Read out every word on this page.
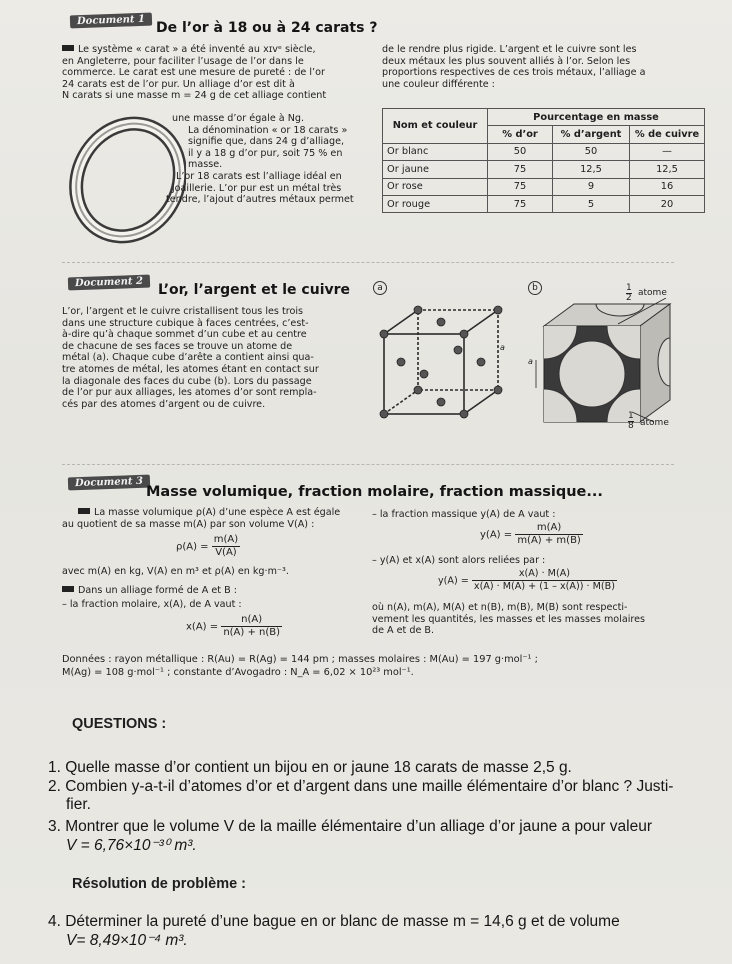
Document 1 De l’or à 18 ou à 24 carats ?
Le système « carat » a été inventé au xɪvᵉ siècle,
en Angleterre, pour faciliter l’usage de l’or dans le
commerce. Le carat est une mesure de pureté : de l’or
24 carats est de l’or pur. Un alliage d’or est dit à
N carats si une masse m = 24 g de cet alliage contient
une masse d’or égale à Ng.
La dénomination « or 18 carats »
signifie que, dans 24 g d’alliage,
il y a 18 g d’or pur, soit 75 % en
masse.
L’or 18 carats est l’alliage idéal en
joaillerie. L’or pur est un métal très
tendre, l’ajout d’autres métaux permet
de le rendre plus rigide. L’argent et le cuivre sont les
deux métaux les plus souvent alliés à l’or. Selon les
proportions respectives de ces trois métaux, l’alliage a
une couleur différente :
Nom et couleur	Pourcentage en masse		
	% d’or	% d’argent	% de cuivre
Or blanc	50	50	—
Or jaune	75	12,5	12,5
Or rose	75	9	16
Or rouge	75	5	20
Document 2	L’or, l’argent et le cuivre
L’or, l’argent et le cuivre cristallisent tous les trois
dans une structure cubique à faces centrées, c’est-
à-dire qu’à chaque sommet d’un cube et au centre
de chacune de ses faces se trouve un atome de
métal (a). Chaque cube d’arête a contient ainsi qua-
tre atomes de métal, les atomes étant en contact sur
la diagonale des faces du cube (b). Lors du passage
de l’or pur aux alliages, les atomes d’or sont rempla-
cés par des atomes d’argent ou de cuivre.
a
a
b	1
2 atome
a
1
8 atome
Document 3
Masse volumique, fraction molaire, fraction massique...
La masse volumique ρ(A) d’une espèce A est égale
au quotient de sa masse m(A) par son volume V(A) :
$\rho(A) = \frac{m(A)}{V(A)}$
avec m(A) en kg, V(A) en m³ et ρ(A) en kg·m⁻³.
Dans un alliage formé de A et B :
– la fraction molaire, x(A), de A vaut :
$x(A) = \frac{n(A)}{n(A) + n(B)}$
– la fraction massique y(A) de A vaut :
$y(A) = \frac{m(A)}{m(A) + m(B)}$
– y(A) et x(A) sont alors reliées par :
$y(A) = \frac{x(A) \cdot M(A)}{x(A) \cdot M(A) + (1 - x(A)) \cdot M(B)}$
où n(A), m(A), M(A) et n(B), m(B), M(B) sont respecti-
vement les quantités, les masses et les masses molaires
de A et de B.
Données : rayon métallique : R(Au) = R(Ag) = 144 pm ; masses molaires : M(Au) = 197 g·mol⁻¹ ;
M(Ag) = 108 g·mol⁻¹ ; constante d’Avogadro : N_A = 6,02 × 10²³ mol⁻¹.
QUESTIONS :
1. Quelle masse d’or contient un bijou en or jaune 18 carats de masse 2,5 g.
2. Combien y-a-t-il d’atomes d’or et d’argent dans une maille élémentaire d’or blanc ? Justi-
fier.
3. Montrer que le volume V de la maille élémentaire d’un alliage d’or jaune a pour valeur
V = 6,76×10⁻³⁰ m³.
Résolution de problème :
4. Déterminer la pureté d’une bague en or blanc de masse m = 14,6 g et de volume
V= 8,49×10⁻⁴ m³.
